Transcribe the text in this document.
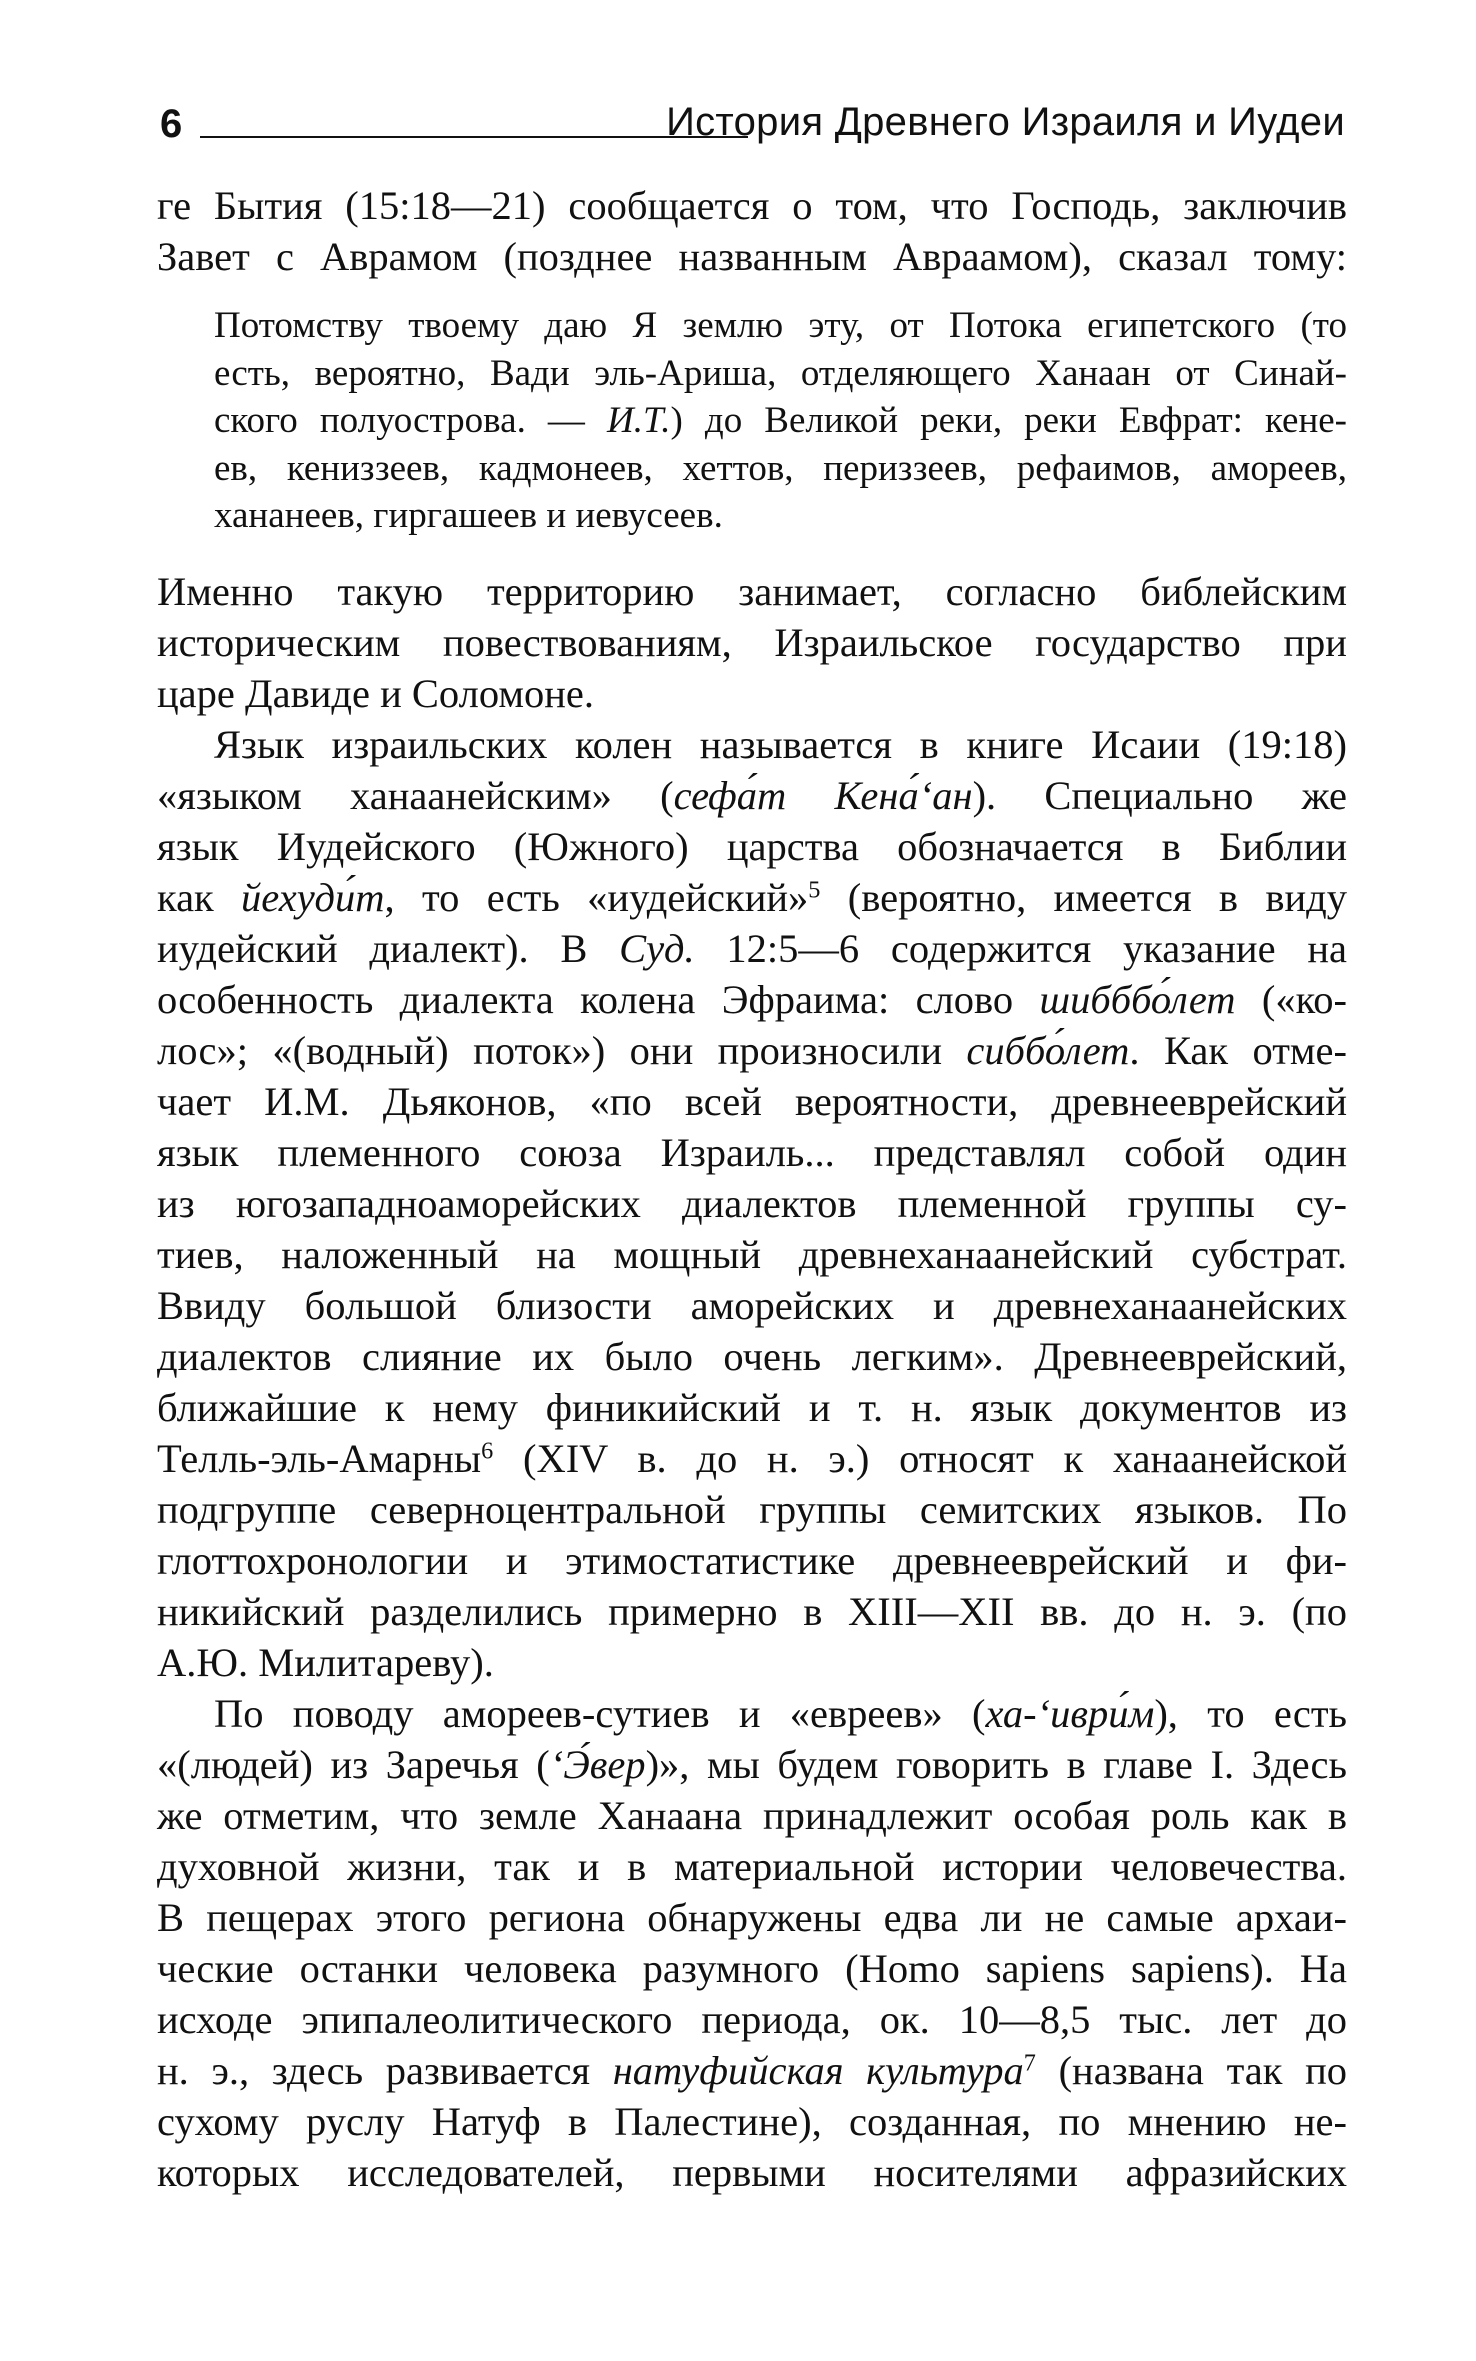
6	История Древнего Израиля и Иудеи

ге Бытия (15:18—21) сообщается о том, что Господь, заключив
Завет с Аврамом (позднее названным Авраамом), сказал тому:

Потомству твоему даю Я землю эту, от Потока египетского (то
есть, вероятно, Вади эль-Ариша, отделяющего Ханаан от Синай-
ского полуострова. — И.Т.) до Великой реки, реки Евфрат: кене-
ев, кениззеев, кадмонеев, хеттов, периззеев, рефаимов, амореев,
хананеев, гиргашеев и иевусеев.

Именно такую территорию занимает, согласно библейским
историческим повествованиям, Израильское государство при
царе Давиде и Соломоне.

Язык израильских колен называется в книге Исаии (19:18)
«языком ханаанейским» (сефа́т Кена́‘ан). Специально же
язык Иудейского (Южного) царства обозначается в Библии
как йехуди́т, то есть «иудейский»$^5$ (вероятно, имеется в виду
иудейский диалект). В Суд. 12:5—6 содержится указание на
особенность диалекта колена Эфраима: слово шибббо́лет («ко-
лос»; «(водный) поток») они произносили сиббо́лет. Как отме-
чает И.М. Дьяконов, «по всей вероятности, древнееврейский
язык племенного союза Израиль... представлял собой один
из югозападноаморейских диалектов племенной группы су-
тиев, наложенный на мощный древнеханаанейский субстрат.
Ввиду большой близости аморейских и древнеханаанейских
диалектов слияние их было очень легким». Древнееврейский,
ближайшие к нему финикийский и т. н. язык документов из
Телль-эль-Амарны$^6$ (XIV в. до н. э.) относят к ханаанейской
подгруппе северноцентральной группы семитских языков. По
глоттохронологии и этимостатистике древнееврейский и фи-
никийский разделились примерно в XIII—XII вв. до н. э. (по
А.Ю. Милитареву).

По поводу амореев-сутиев и «евреев» (ха-‘иври́м), то есть
«(людей) из Заречья (‘Э́вер)», мы будем говорить в главе I. Здесь
же отметим, что земле Ханаана принадлежит особая роль как в
духовной жизни, так и в материальной истории человечества.
В пещерах этого региона обнаружены едва ли не самые архаи-
ческие останки человека разумного (Homo sapiens sapiens). На
исходе эпипалеолитического периода, ок. 10—8,5 тыс. лет до
н. э., здесь развивается натуфийская культура$^7$ (названа так по
сухому руслу Натуф в Палестине), созданная, по мнению не-
которых исследователей, первыми носителями афразийских
